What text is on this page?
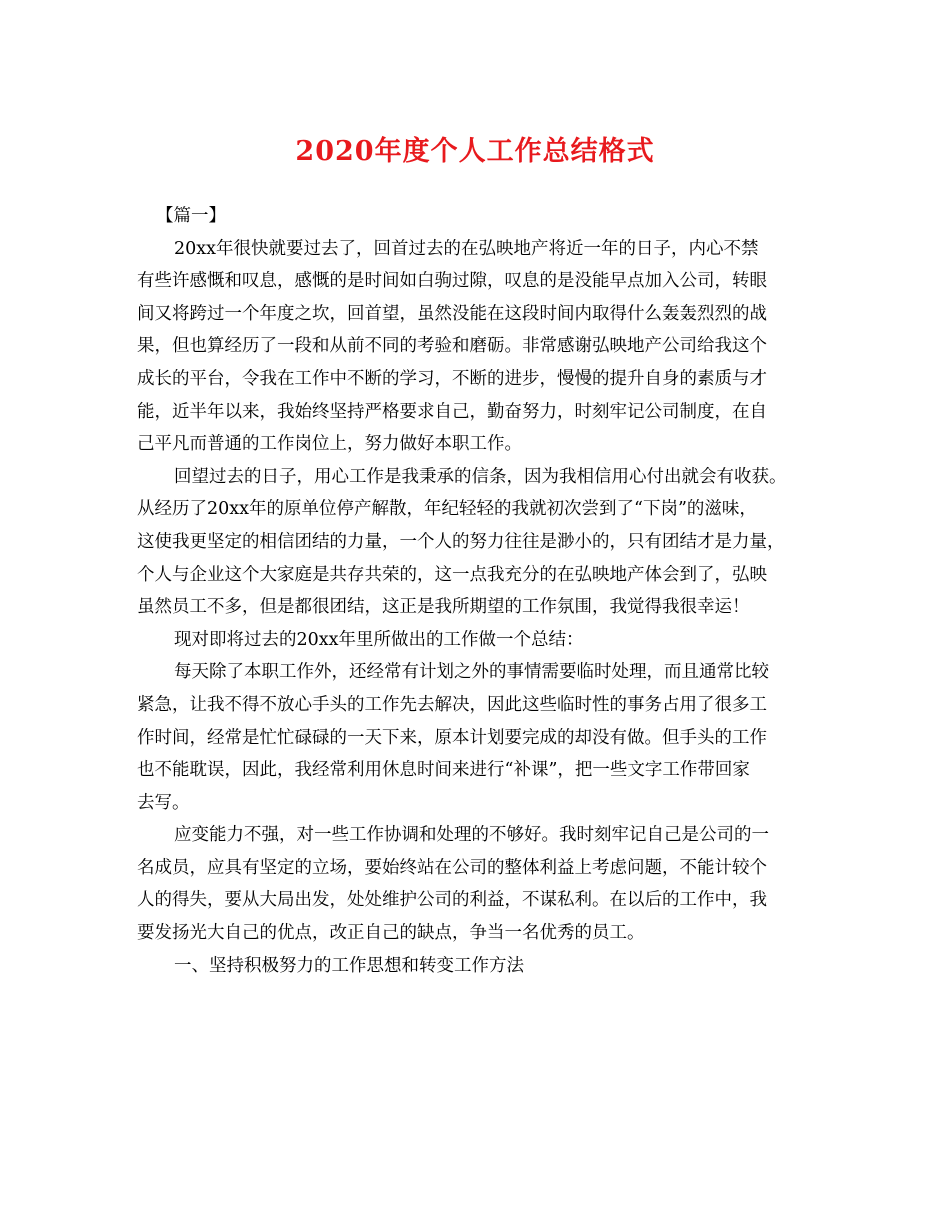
2020年度个人工作总结格式
【篇一】
20xx年很快就要过去了，回首过去的在弘映地产将近一年的日子，内心不禁
有些许感慨和叹息，感慨的是时间如白驹过隙，叹息的是没能早点加入公司，转眼
间又将跨过一个年度之坎，回首望，虽然没能在这段时间内取得什么轰轰烈烈的战
果，但也算经历了一段和从前不同的考验和磨砺。非常感谢弘映地产公司给我这个
成长的平台，令我在工作中不断的学习，不断的进步，慢慢的提升自身的素质与才
能，近半年以来，我始终坚持严格要求自己，勤奋努力，时刻牢记公司制度，在自
己平凡而普通的工作岗位上，努力做好本职工作。
回望过去的日子，用心工作是我秉承的信条，因为我相信用心付出就会有收获。
从经历了20xx年的原单位停产解散，年纪轻轻的我就初次尝到了“下岗”的滋味，
这使我更坚定的相信团结的力量，一个人的努力往往是渺小的，只有团结才是力量，
个人与企业这个大家庭是共存共荣的，这一点我充分的在弘映地产体会到了，弘映
虽然员工不多，但是都很团结，这正是我所期望的工作氛围，我觉得我很幸运！
现对即将过去的20xx年里所做出的工作做一个总结：
每天除了本职工作外，还经常有计划之外的事情需要临时处理，而且通常比较
紧急，让我不得不放心手头的工作先去解决，因此这些临时性的事务占用了很多工
作时间，经常是忙忙碌碌的一天下来，原本计划要完成的却没有做。但手头的工作
也不能耽误，因此，我经常利用休息时间来进行“补课”，把一些文字工作带回家
去写。
应变能力不强，对一些工作协调和处理的不够好。我时刻牢记自己是公司的一
名成员，应具有坚定的立场，要始终站在公司的整体利益上考虑问题，不能计较个
人的得失，要从大局出发，处处维护公司的利益，不谋私利。在以后的工作中，我
要发扬光大自己的优点，改正自己的缺点，争当一名优秀的员工。
一、坚持积极努力的工作思想和转变工作方法
